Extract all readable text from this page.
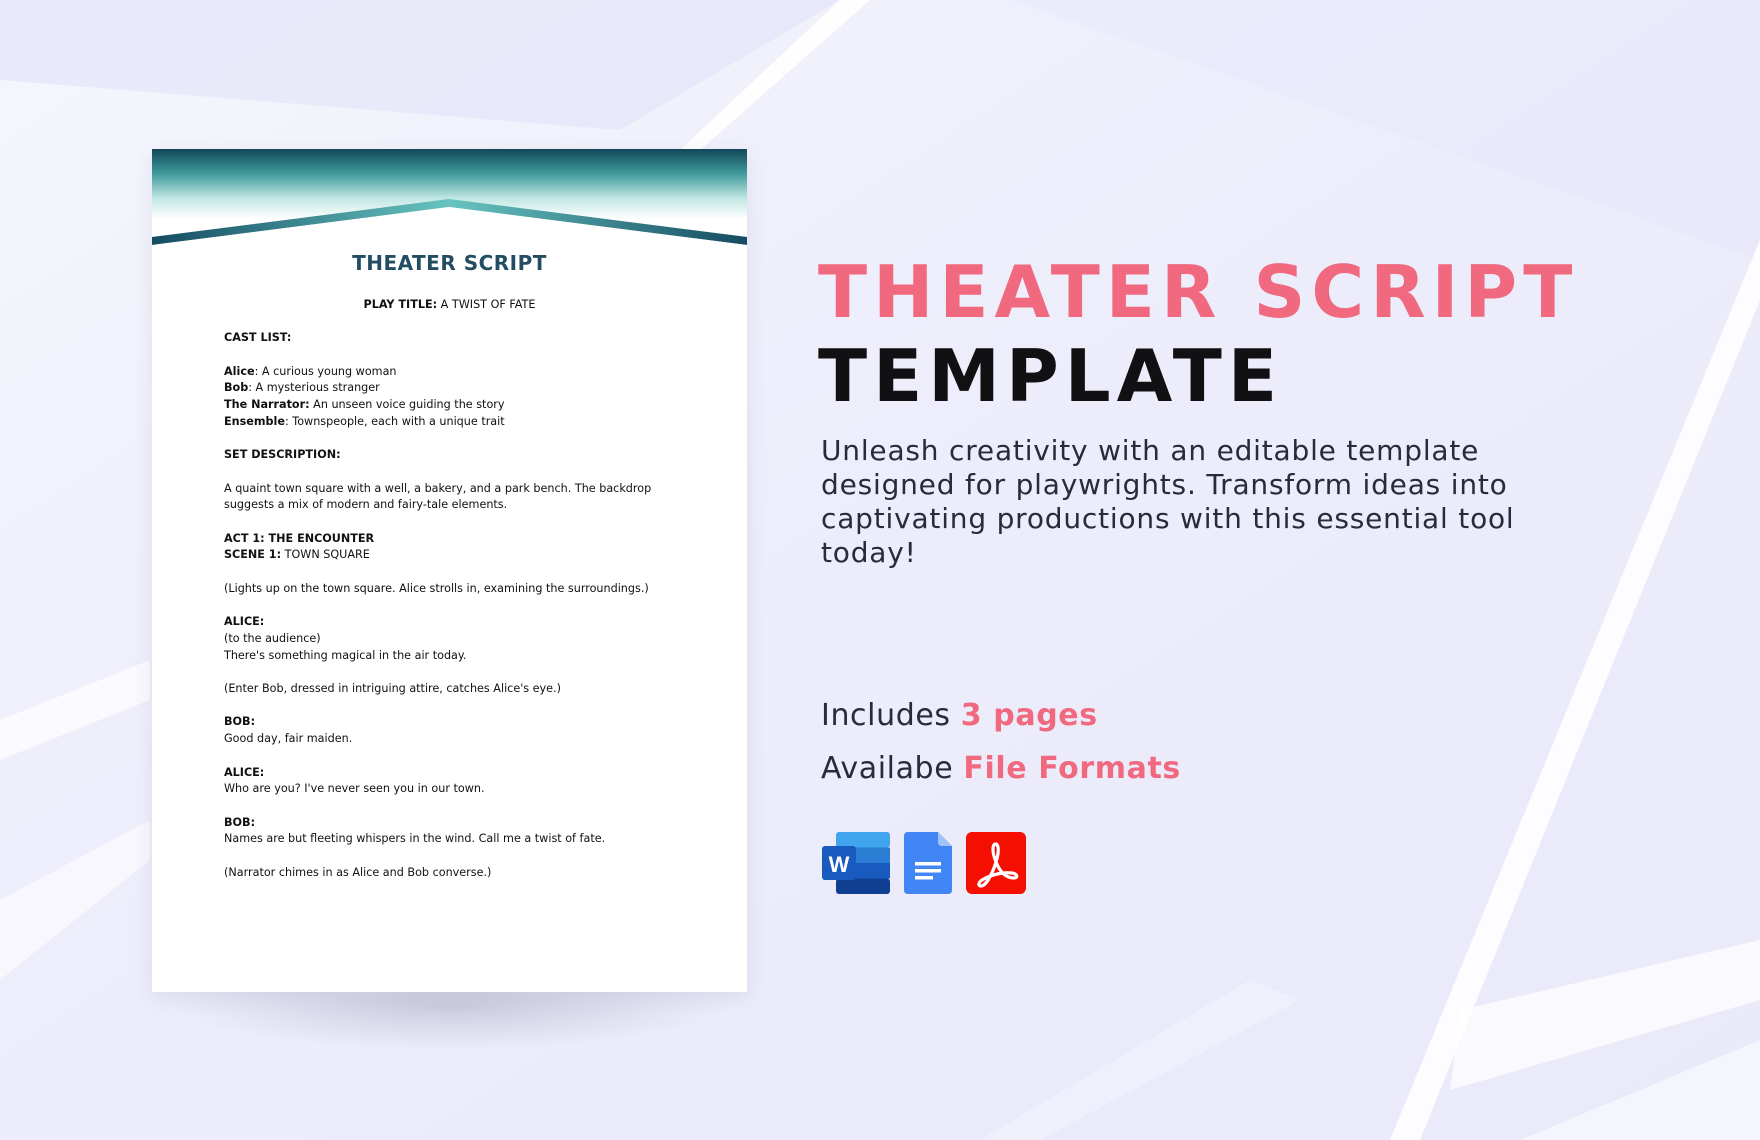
THEATER SCRIPT

PLAY TITLE: A TWIST OF FATE

CAST LIST:

Alice: A curious young woman

Bob: A mysterious stranger

The Narrator: An unseen voice guiding the story

Ensemble: Townspeople, each with a unique trait

SET DESCRIPTION:

A quaint town square with a well, a bakery, and a park bench. The backdrop

suggests a mix of modern and fairy-tale elements.

ACT 1: THE ENCOUNTER

SCENE 1: TOWN SQUARE

(Lights up on the town square. Alice strolls in, examining the surroundings.)

ALICE:

(to the audience)

There's something magical in the air today.

(Enter Bob, dressed in intriguing attire, catches Alice's eye.)

BOB:

Good day, fair maiden.

ALICE:

Who are you? I've never seen you in our town.

BOB:

Names are but fleeting whispers in the wind. Call me a twist of fate.

(Narrator chimes in as Alice and Bob converse.)

THEATER SCRIPT
TEMPLATE
Unleash creativity with an editable template designed for playwrights. Transform ideas into captivating productions with this essential tool today!
Includes 3 pages
Availabe File Formats
W
